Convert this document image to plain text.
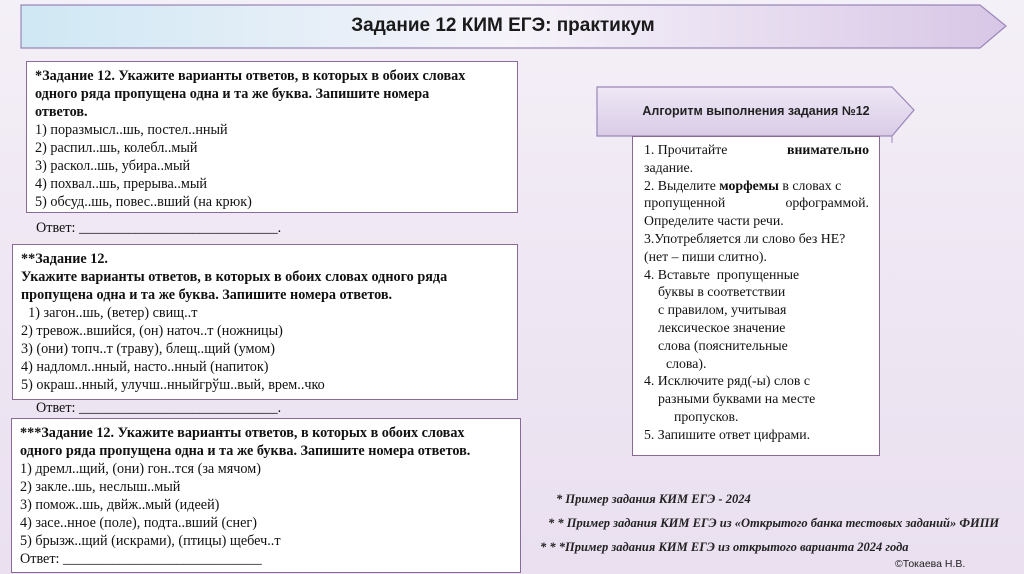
Задание 12 КИМ ЕГЭ: практикум
*Задание 12. Укажите варианты ответов, в которых в обоих словах
одного ряда пропущена одна и та же буква. Запишите номера
ответов.
1) поразмысл..шь, постел..нный
2) распил..шь, колебл..мый
3) раскол..шь, убира..мый
4) похвал..шь, прерыва..мый
5) обсуд..шь, повес..вший (на крюк)
Ответ: ____________________________.
**Задание 12.
Укажите варианты ответов, в которых в обоих словах одного ряда
пропущена одна и та же буква. Запишите номера ответов.
1) загон..шь, (ветер) свищ..т
2) тревож..вшийся, (он) наточ..т (ножницы)
3) (они) топч..т (траву), блещ..щий (умом)
4) надломл..нный, насто..нный (напиток)
5) окраш..нный, улучш..нныйгрўш..вый, врем..чко
Ответ: ____________________________.
***Задание 12. Укажите варианты ответов, в которых в обоих словах
одного ряда пропущена одна и та же буква. Запишите номера ответов.
1) дремл..щий, (они) гон..тся (за мячом)
2) закле..шь, неслыш..мый
3) помож..шь, двйж..мый (идеей)
4) засе..нное (поле), подта..вший (снег)
5) брызж..щий (искрами), (птицы) щебеч..т
Ответ: ____________________________
Алгоритм выполнения задания №12
1. Прочитайте	внимательно
задание.
2. Выделите морфемы в словах с
пропущенной	орфограммой.
Определите части речи.
3.Употребляется ли слово без НЕ?
(нет – пиши слитно).
4. Вставьте  пропущенные
буквы в соответствии
с правилом, учитывая
лексическое значение
слова (пояснительные
слова).
4. Исключите ряд(-ы) слов с
разными буквами на месте
пропусков.
5. Запишите ответ цифрами.
* Пример задания КИМ ЕГЭ - 2024
* * Пример задания КИМ ЕГЭ из «Открытого банка тестовых заданий» ФИПИ
* * *Пример задания КИМ ЕГЭ из открытого варианта 2024 года
©Токаева Н.В.
